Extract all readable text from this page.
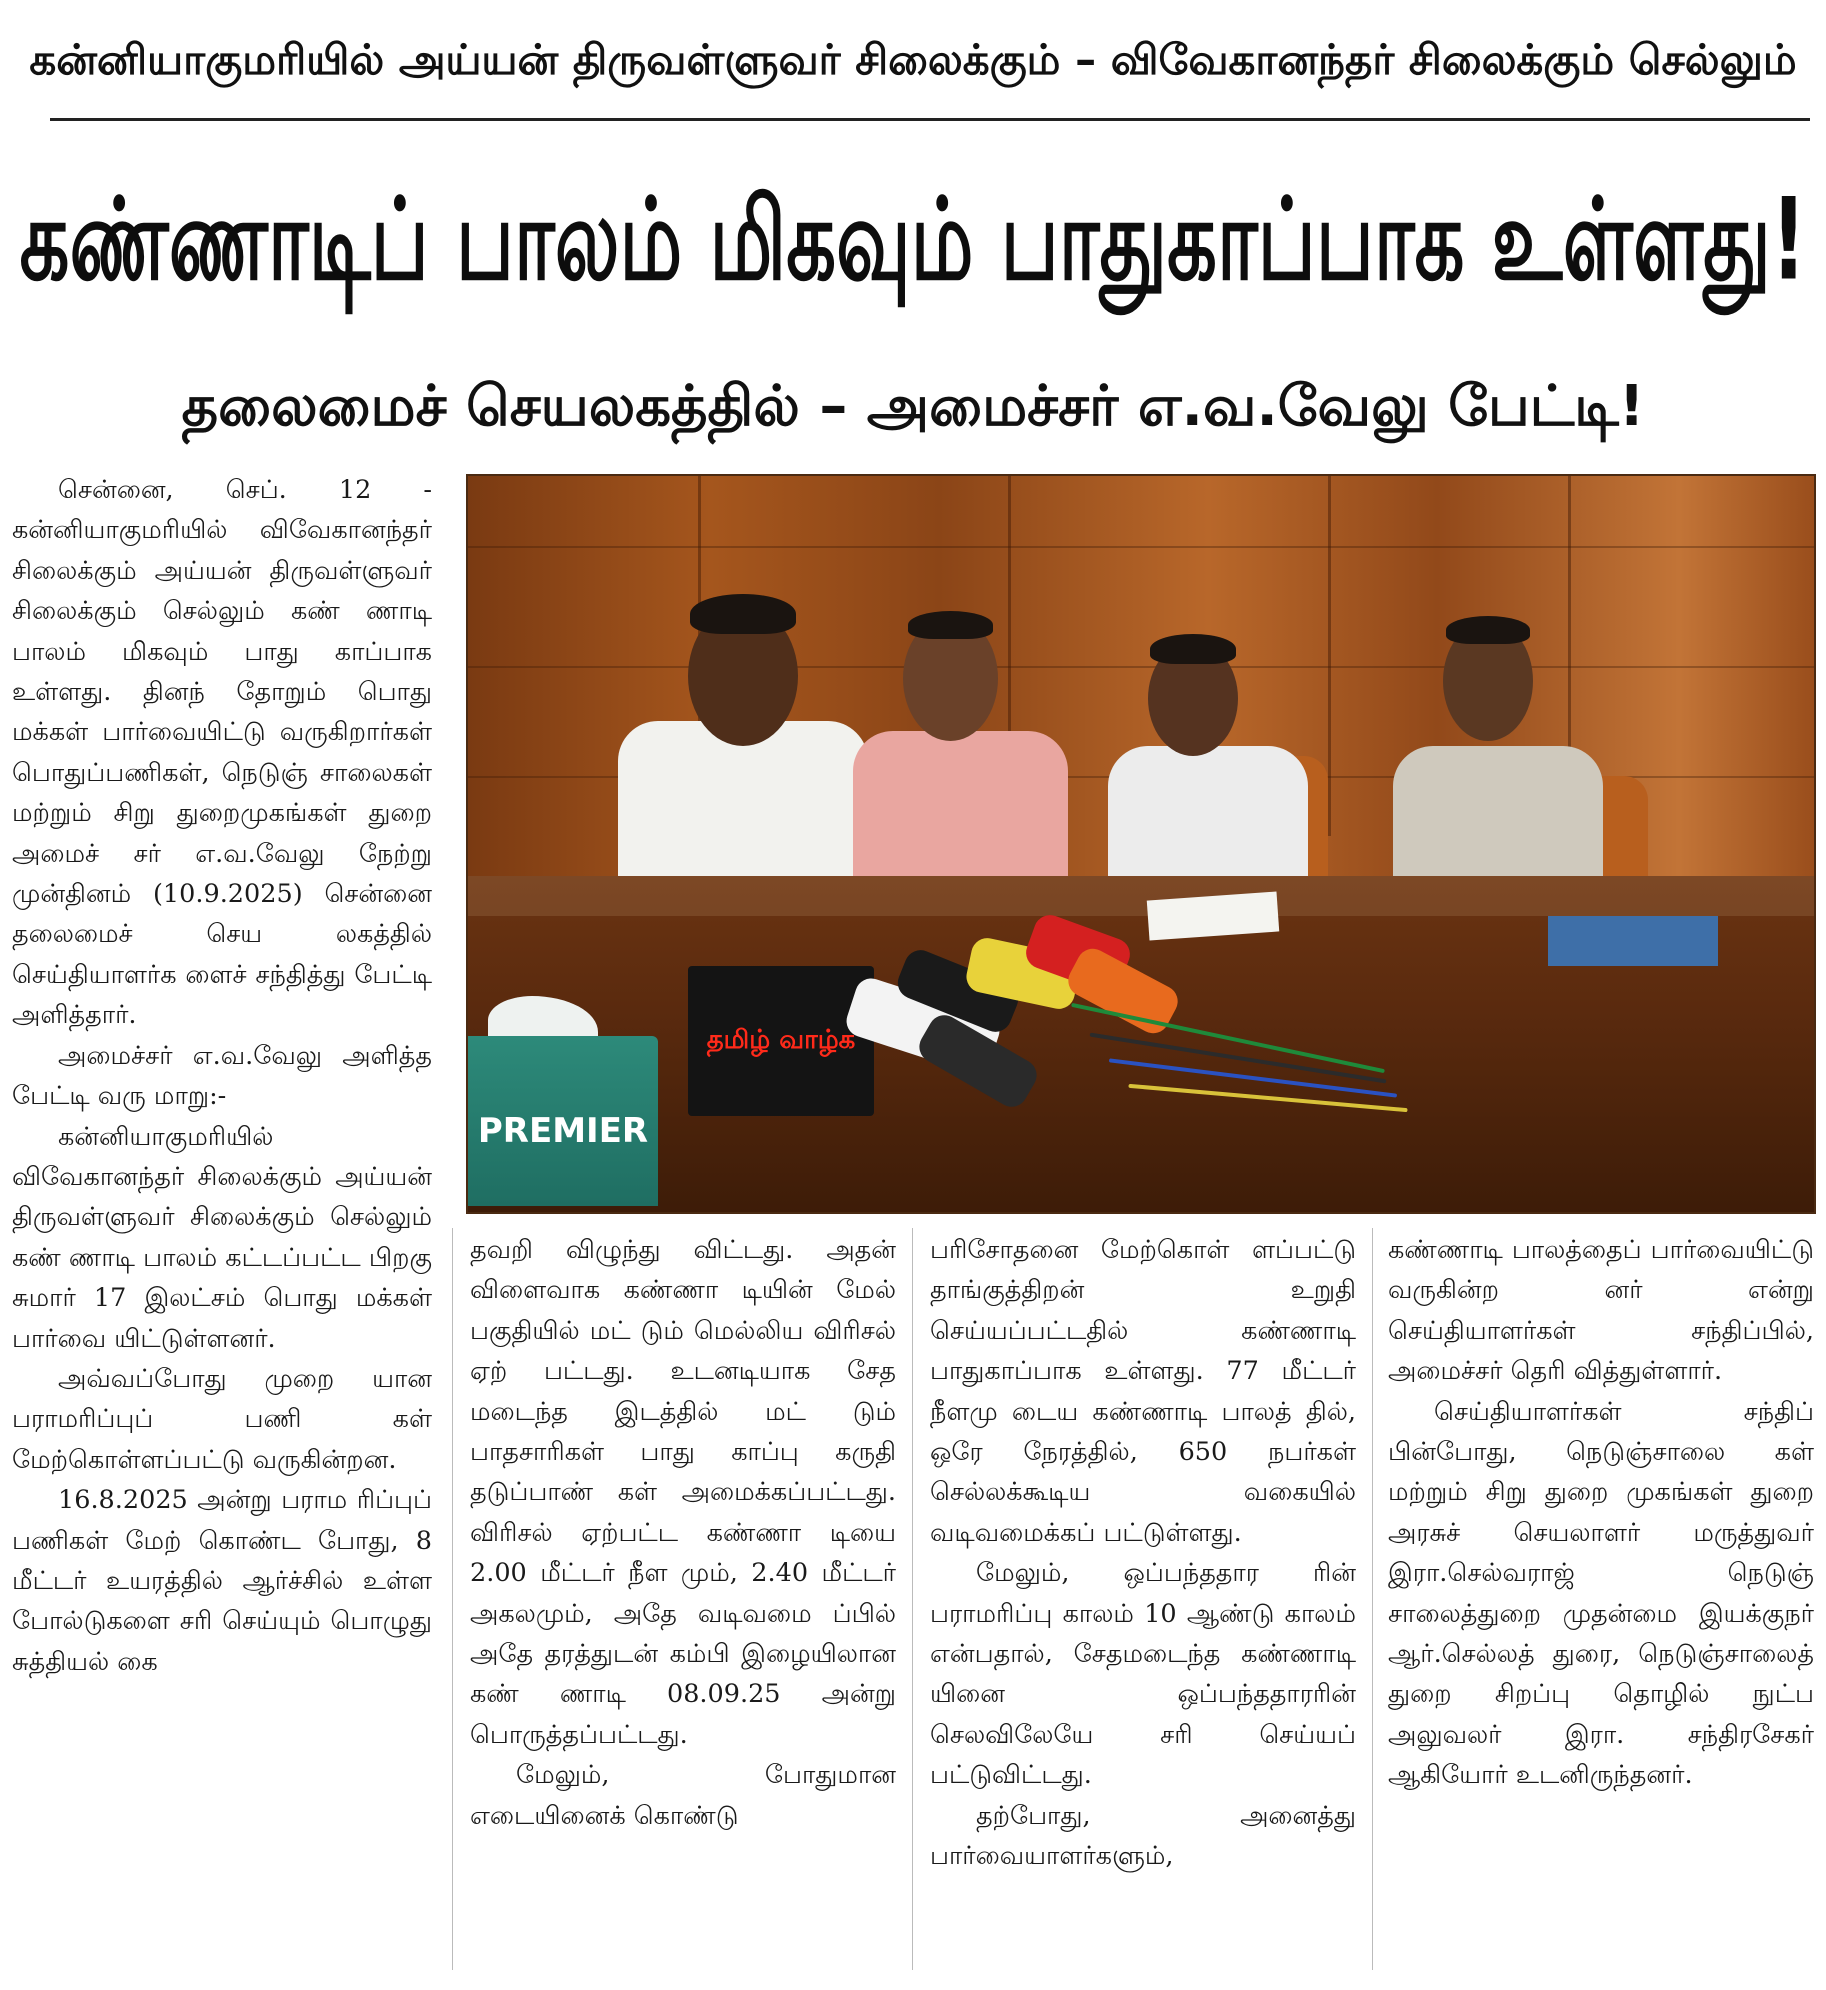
கன்னியாகுமரியில் அய்யன் திருவள்ளுவர் சிலைக்கும் – விவேகானந்தர் சிலைக்கும் செல்லும்
கண்ணாடிப் பாலம் மிகவும் பாதுகாப்பாக உள்ளது!
தலைமைச் செயலகத்தில் – அமைச்சர் எ.வ.வேலு பேட்டி!
PREMIER
தமிழ் வாழ்க

சென்னை, செப். 12 - கன்னியாகுமரியில் விவேகானந்தர் சிலைக்கும் அய்யன் திருவள்ளுவர் சிலைக்கும் செல்லும் கண் ணாடி பாலம் மிகவும் பாது காப்பாக உள்ளது. தினந் தோறும் பொது மக்கள் பார்வையிட்டு வருகிறார்கள் பொதுப்பணிகள், நெடுஞ் சாலைகள் மற்றும் சிறு துறைமுகங்கள் துறை அமைச் சர் எ.வ.வேலு நேற்று முன்தினம் (10.9.2025) சென்னை தலைமைச் செய லகத்தில் செய்தியாளர்க ளைச் சந்தித்து பேட்டி அளித்தார்.

அமைச்சர் எ.வ.வேலு அளித்த பேட்டி வரு மாறு:-

கன்னியாகுமரியில் விவேகானந்தர் சிலைக்கும் அய்யன் திருவள்ளுவர் சிலைக்கும் செல்லும் கண் ணாடி பாலம் கட்டப்பட்ட பிறகு சுமார் 17 இலட்சம் பொது மக்கள் பார்வை யிட்டுள்ளனர்.

அவ்வப்போது முறை யான பராமரிப்புப் பணி கள் மேற்கொள்ளப்பட்டு வருகின்றன.

16.8.2025 அன்று பராம ரிப்புப் பணிகள் மேற் கொண்ட போது, 8 மீட்டர் உயரத்தில் ஆர்ச்சில் உள்ள போல்டுகளை சரி செய்யும் பொழுது சுத்தியல் கை

தவறி விழுந்து விட்டது. அதன் விளைவாக கண்ணா டியின் மேல் பகுதியில் மட் டும் மெல்லிய விரிசல் ஏற் பட்டது. உடனடியாக சேத மடைந்த இடத்தில் மட் டும் பாதசாரிகள் பாது காப்பு கருதி தடுப்பாண் கள் அமைக்கப்பட்டது. விரிசல் ஏற்பட்ட கண்ணா டியை 2.00 மீட்டர் நீள மும், 2.40 மீட்டர் அகலமும், அதே வடிவமை ப்பில் அதே தரத்துடன் கம்பி இழையிலான கண் ணாடி 08.09.25 அன்று பொருத்தப்பட்டது.

மேலும், போதுமான எடையினைக் கொண்டு

பரிசோதனை மேற்கொள் ளப்பட்டு தாங்குத்திறன் உறுதி செய்யப்பட்டதில் கண்ணாடி பாதுகாப்பாக உள்ளது. 77 மீட்டர் நீளமு டைய கண்ணாடி பாலத் தில், ஒரே நேரத்தில், 650 நபர்கள் செல்லக்கூடிய வகையில் வடிவமைக்கப் பட்டுள்ளது.

மேலும், ஒப்பந்ததார ரின் பராமரிப்பு காலம் 10 ஆண்டு காலம் என்பதால், சேதமடைந்த கண்ணாடி யினை ஒப்பந்ததாரரின் செலவிலேயே சரி செய்யப் பட்டுவிட்டது.

தற்போது, அனைத்து பார்வையாளர்களும்,

கண்ணாடி பாலத்தைப் பார்வையிட்டு வருகின்ற னர் என்று செய்தியாளர்கள் சந்திப்பில், அமைச்சர் தெரி வித்துள்ளார்.

செய்தியாளர்கள் சந்திப் பின்போது, நெடுஞ்சாலை கள் மற்றும் சிறு துறை முகங்கள் துறை அரசுச் செயலாளர் மருத்துவர் இரா.செல்வராஜ் நெடுஞ் சாலைத்துறை முதன்மை இயக்குநர் ஆர்.செல்லத் துரை, நெடுஞ்சாலைத் துறை சிறப்பு தொழில் நுட்ப அலுவலர் இரா. சந்திரசேகர் ஆகியோர் உடனிருந்தனர்.
